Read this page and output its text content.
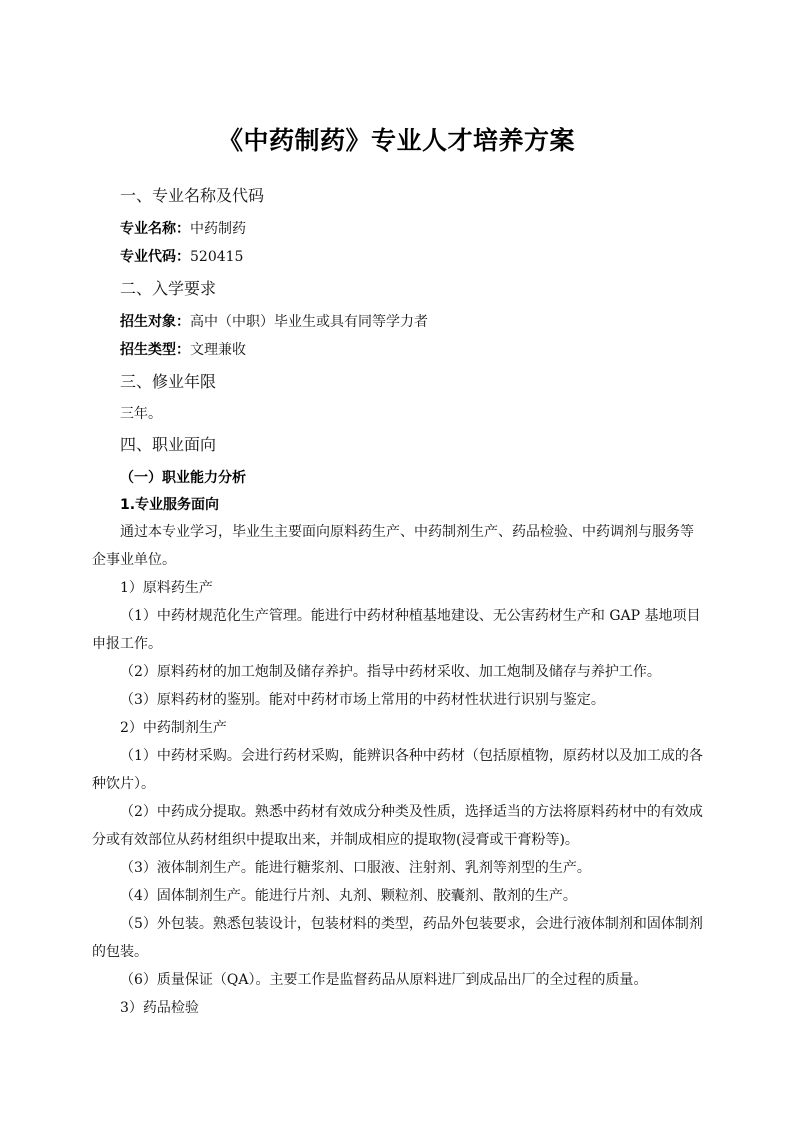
《中药制药》专业人才培养方案
一、专业名称及代码
专业名称：中药制药
专业代码：520415
二、入学要求
招生对象：高中（中职）毕业生或具有同等学力者
招生类型：文理兼收
三、修业年限
三年。
四、职业面向
（一）职业能力分析
1.专业服务面向
通过本专业学习，毕业生主要面向原料药生产、中药制剂生产、药品检验、中药调剂与服务等
企事业单位。
1）原料药生产
（1）中药材规范化生产管理。能进行中药材种植基地建设、无公害药材生产和 GAP 基地项目
申报工作。
（2）原料药材的加工炮制及储存养护。指导中药材采收、加工炮制及储存与养护工作。
（3）原料药材的鉴别。能对中药材市场上常用的中药材性状进行识别与鉴定。
2）中药制剂生产
（1）中药材采购。会进行药材采购，能辨识各种中药材（包括原植物，原药材以及加工成的各
种饮片）。
（2）中药成分提取。熟悉中药材有效成分种类及性质，选择适当的方法将原料药材中的有效成
分或有效部位从药材组织中提取出来，并制成相应的提取物(浸膏或干膏粉等)。
（3）液体制剂生产。能进行糖浆剂、口服液、注射剂、乳剂等剂型的生产。
（4）固体制剂生产。能进行片剂、丸剂、颗粒剂、胶囊剂、散剂的生产。
（5）外包装。熟悉包装设计，包装材料的类型，药品外包装要求，会进行液体制剂和固体制剂
的包装。
（6）质量保证（QA）。主要工作是监督药品从原料进厂到成品出厂的全过程的质量。
3）药品检验
